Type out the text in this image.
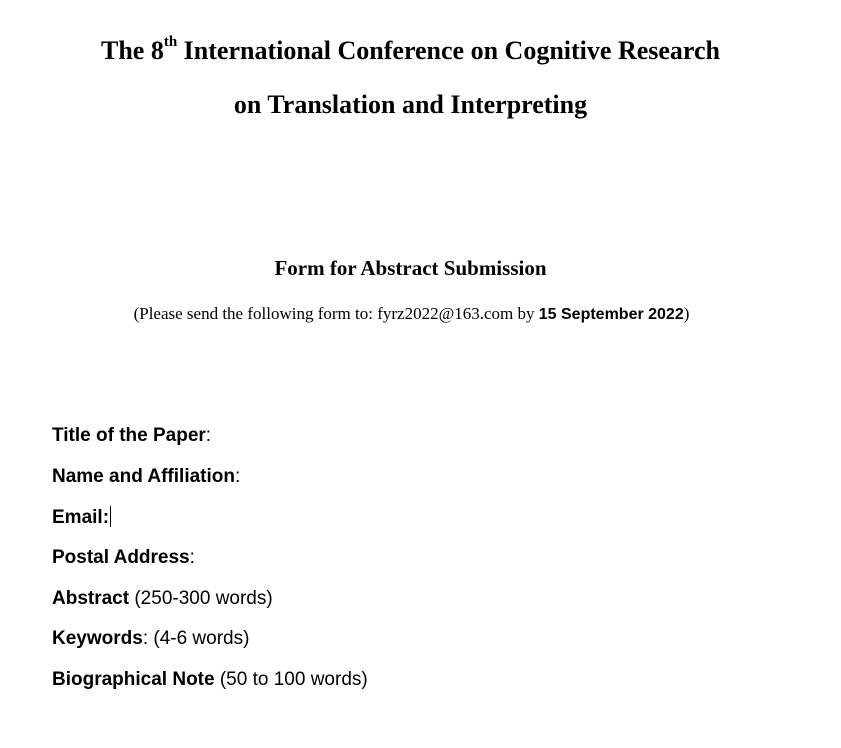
The 8th International Conference on Cognitive Research
on Translation and Interpreting
Form for Abstract Submission
(Please send the following form to: fyrz2022@163.com by 15 September 2022)
Title of the Paper:
Name and Affiliation:
Email:
Postal Address:
Abstract (250-300 words)
Keywords: (4-6 words)
Biographical Note (50 to 100 words)
